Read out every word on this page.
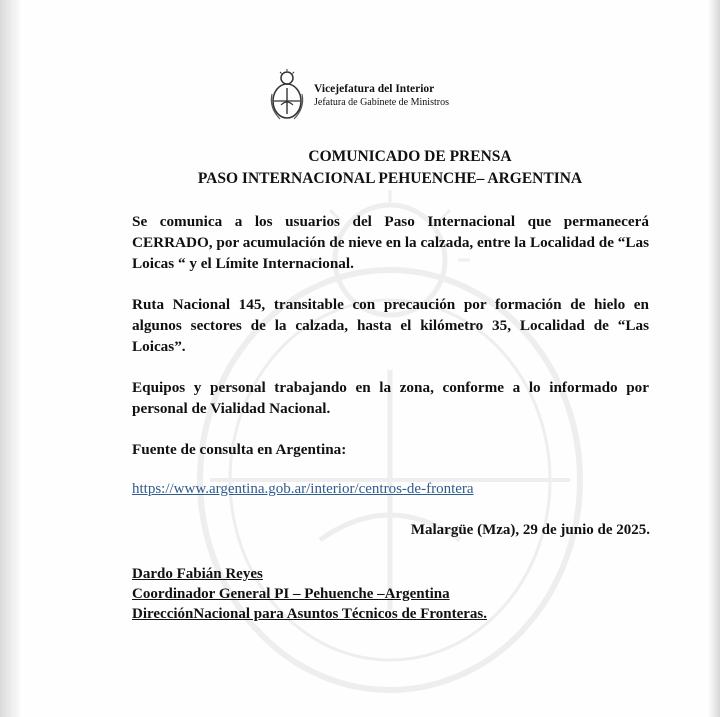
Vicejefatura del Interior
Jefatura de Gabinete de Ministros
COMUNICADO DE PRENSA
PASO INTERNACIONAL PEHUENCHE– ARGENTINA
Se comunica a los usuarios del Paso Internacional que permanecerá CERRADO, por acumulación de nieve en la calzada, entre la Localidad de “Las Loicas “ y el Límite Internacional.
Ruta Nacional 145, transitable con precaución por formación de hielo en algunos sectores de la calzada, hasta el kilómetro 35, Localidad de “Las Loicas”.
Equipos y personal trabajando en la zona, conforme a lo informado por personal de Vialidad Nacional.
Fuente de consulta en Argentina:
https://www.argentina.gob.ar/interior/centros-de-frontera
Malargüe (Mza), 29 de junio de 2025.
Dardo Fabián Reyes
Coordinador General PI – Pehuenche –Argentina
DirecciónNacional para Asuntos Técnicos de Fronteras.
